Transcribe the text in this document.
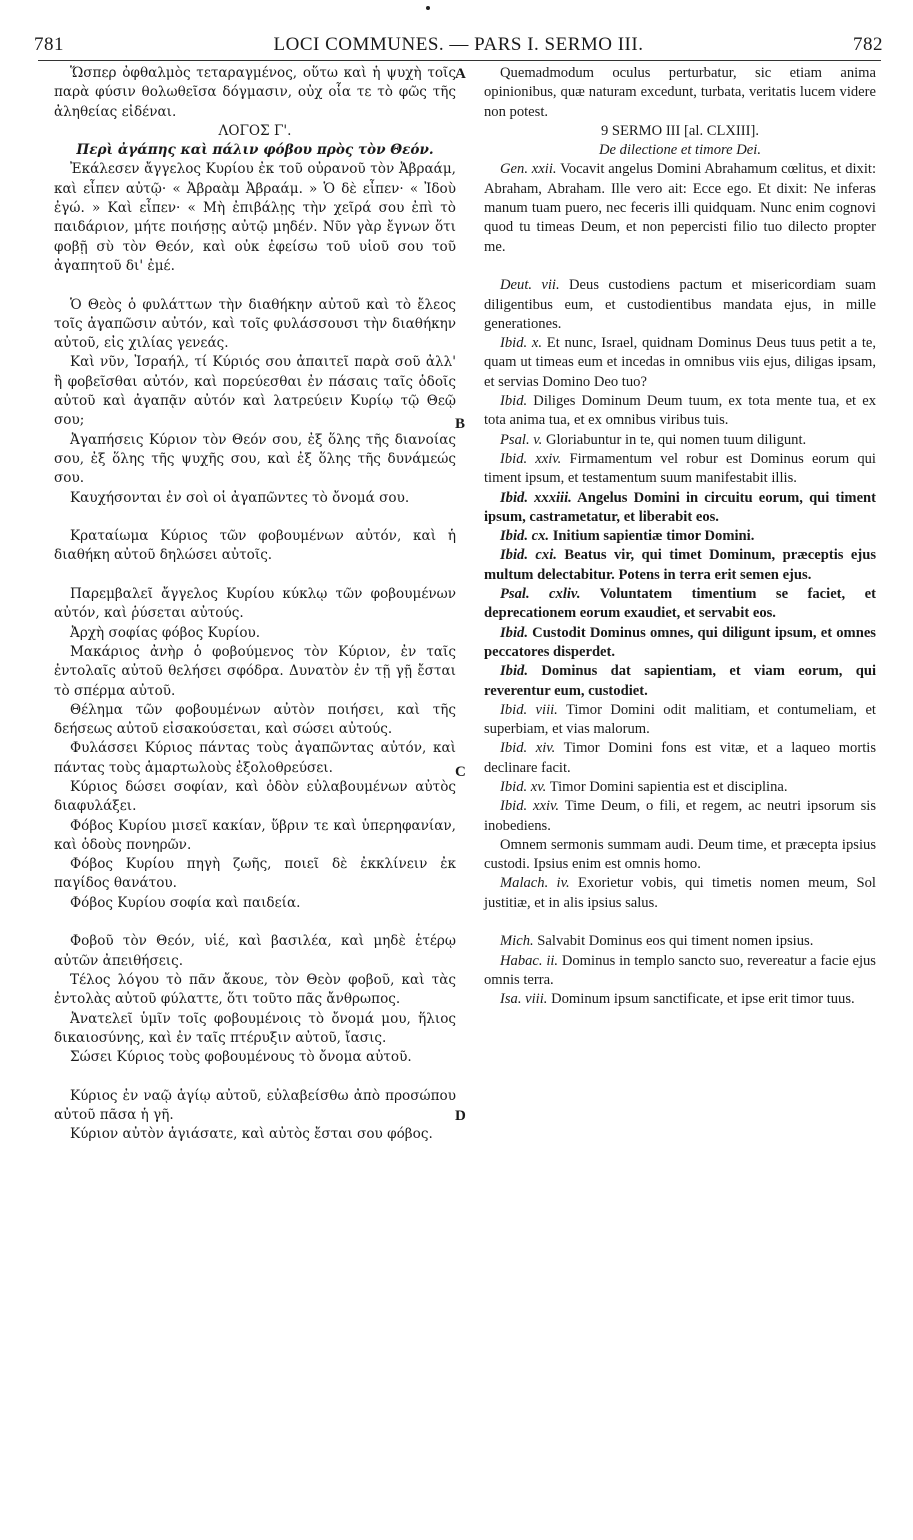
781	LOCI COMMUNES. — PARS I. SERMO III.	782
A
B
C
D

Ὥσπερ ὀφθαλμὸς τεταραγμένος, οὕτω καὶ ἡ ψυχὴ τοῖς παρὰ φύσιν θολωθεῖσα δόγμασιν, οὐχ οἷα τε τὸ φῶς τῆς ἀληθείας εἰδέναι.

ΛΟΓΟΣ Γ'.

Περὶ ἀγάπης καὶ πάλιν φόβου πρὸς τὸν Θεόν.

Ἐκάλεσεν ἄγγελος Κυρίου ἐκ τοῦ οὐρανοῦ τὸν Ἀβραάμ, καὶ εἶπεν αὐτῷ· « Ἀβραὰμ Ἀβραάμ. » Ὁ δὲ εἶπεν· « Ἰδοὺ ἐγώ. » Καὶ εἶπεν· « Μὴ ἐπιβάλῃς τὴν χεῖρά σου ἐπὶ τὸ παιδάριον, μήτε ποιήσῃς αὐτῷ μηδέν. Νῦν γὰρ ἔγνων ὅτι φοβῇ σὺ τὸν Θεόν, καὶ οὐκ ἐφείσω τοῦ υἱοῦ σου τοῦ ἀγαπητοῦ δι' ἐμέ.

Ὁ Θεὸς ὁ φυλάττων τὴν διαθήκην αὐτοῦ καὶ τὸ ἔλεος τοῖς ἀγαπῶσιν αὐτόν, καὶ τοῖς φυλάσσουσι τὴν διαθήκην αὐτοῦ, εἰς χιλίας γενεάς.

Καὶ νῦν, Ἰσραήλ, τί Κύριός σου ἀπαιτεῖ παρὰ σοῦ ἀλλ' ἢ φοβεῖσθαι αὐτόν, καὶ πορεύεσθαι ἐν πάσαις ταῖς ὁδοῖς αὐτοῦ καὶ ἀγαπᾷν αὐτόν καὶ λατρεύειν Κυρίῳ τῷ Θεῷ σου;

Ἀγαπήσεις Κύριον τὸν Θεόν σου, ἐξ ὅλης τῆς διανοίας σου, ἐξ ὅλης τῆς ψυχῆς σου, καὶ ἐξ ὅλης τῆς δυνάμεώς σου.

Καυχήσονται ἐν σοὶ οἱ ἀγαπῶντες τὸ ὄνομά σου.

Κραταίωμα Κύριος τῶν φοβουμένων αὐτόν, καὶ ἡ διαθήκη αὐτοῦ δηλώσει αὐτοῖς.

Παρεμβαλεῖ ἄγγελος Κυρίου κύκλῳ τῶν φοβουμένων αὐτόν, καὶ ῥύσεται αὐτούς.

Ἀρχὴ σοφίας φόβος Κυρίου.

Μακάριος ἀνὴρ ὁ φοβούμενος τὸν Κύριον, ἐν ταῖς ἐντολαῖς αὐτοῦ θελήσει σφόδρα. Δυνατὸν ἐν τῇ γῇ ἔσται τὸ σπέρμα αὐτοῦ.

Θέλημα τῶν φοβουμένων αὐτὸν ποιήσει, καὶ τῆς δεήσεως αὐτοῦ εἰσακούσεται, καὶ σώσει αὐτούς.

Φυλάσσει Κύριος πάντας τοὺς ἀγαπῶντας αὐτόν, καὶ πάντας τοὺς ἁμαρτωλοὺς ἐξολοθρεύσει.

Κύριος δώσει σοφίαν, καὶ ὁδὸν εὐλαβουμένων αὐτὸς διαφυλάξει.

Φόβος Κυρίου μισεῖ κακίαν, ὕβριν τε καὶ ὑπερηφανίαν, καὶ ὁδοὺς πονηρῶν.

Φόβος Κυρίου πηγὴ ζωῆς, ποιεῖ δὲ ἐκκλίνειν ἐκ παγίδος θανάτου.

Φόβος Κυρίου σοφία καὶ παιδεία.

Φοβοῦ τὸν Θεόν, υἱέ, καὶ βασιλέα, καὶ μηδὲ ἑτέρῳ αὐτῶν ἀπειθήσεις.

Τέλος λόγου τὸ πᾶν ἄκουε, τὸν Θεὸν φοβοῦ, καὶ τὰς ἐντολὰς αὐτοῦ φύλαττε, ὅτι τοῦτο πᾶς ἄνθρωπος.

Ἀνατελεῖ ὑμῖν τοῖς φοβουμένοις τὸ ὄνομά μου, ἥλιος δικαιοσύνης, καὶ ἐν ταῖς πτέρυξιν αὐτοῦ, ἴασις.

Σώσει Κύριος τοὺς φοβουμένους τὸ ὄνομα αὐτοῦ.

Κύριος ἐν ναῷ ἁγίῳ αὐτοῦ, εὐλαβείσθω ἀπὸ προσώπου αὐτοῦ πᾶσα ἡ γῆ.

Κύριον αὐτὸν ἁγιάσατε, καὶ αὐτὸς ἔσται σου φόβος.

Quemadmodum oculus perturbatur, sic etiam anima opinionibus, quæ naturam excedunt, turbata, veritatis lucem videre non potest.

9 SERMO III [al. CLXIII].

De dilectione et timore Dei.

Gen. xxii. Vocavit angelus Domini Abrahamum cœlitus, et dixit: Abraham, Abraham. Ille vero ait: Ecce ego. Et dixit: Ne inferas manum tuam puero, nec feceris illi quidquam. Nunc enim cognovi quod tu timeas Deum, et non pepercisti filio tuo dilecto propter me.

Deut. vii. Deus custodiens pactum et misericordiam suam diligentibus eum, et custodientibus mandata ejus, in mille generationes.

Ibid. x. Et nunc, Israel, quidnam Dominus Deus tuus petit a te, quam ut timeas eum et incedas in omnibus viis ejus, diligas ipsam, et servias Domino Deo tuo?

Ibid. Diliges Dominum Deum tuum, ex tota mente tua, et ex tota anima tua, et ex omnibus viribus tuis.

Psal. v. Gloriabuntur in te, qui nomen tuum diligunt.

Ibid. xxiv. Firmamentum vel robur est Dominus eorum qui timent ipsum, et testamentum suum manifestabit illis.

Ibid. xxxiii. Angelus Domini in circuitu eorum, qui timent ipsum, castrametatur, et liberabit eos.

Ibid. cx. Initium sapientiæ timor Domini.

Ibid. cxi. Beatus vir, qui timet Dominum, præceptis ejus multum delectabitur. Potens in terra erit semen ejus.

Psal. cxliv. Voluntatem timentium se faciet, et deprecationem eorum exaudiet, et servabit eos.

Ibid. Custodit Dominus omnes, qui diligunt ipsum, et omnes peccatores disperdet.

Ibid. Dominus dat sapientiam, et viam eorum, qui reverentur eum, custodiet.

Ibid. viii. Timor Domini odit malitiam, et contumeliam, et superbiam, et vias malorum.

Ibid. xiv. Timor Domini fons est vitæ, et a laqueo mortis declinare facit.

Ibid. xv. Timor Domini sapientia est et disciplina.

Ibid. xxiv. Time Deum, o fili, et regem, ac neutri ipsorum sis inobediens.

Omnem sermonis summam audi. Deum time, et præcepta ipsius custodi. Ipsius enim est omnis homo.

Malach. iv. Exorietur vobis, qui timetis nomen meum, Sol justitiæ, et in alis ipsius salus.

Mich. Salvabit Dominus eos qui timent nomen ipsius.

Habac. ii. Dominus in templo sancto suo, revereatur a facie ejus omnis terra.

Isa. viii. Dominum ipsum sanctificate, et ipse erit timor tuus.
